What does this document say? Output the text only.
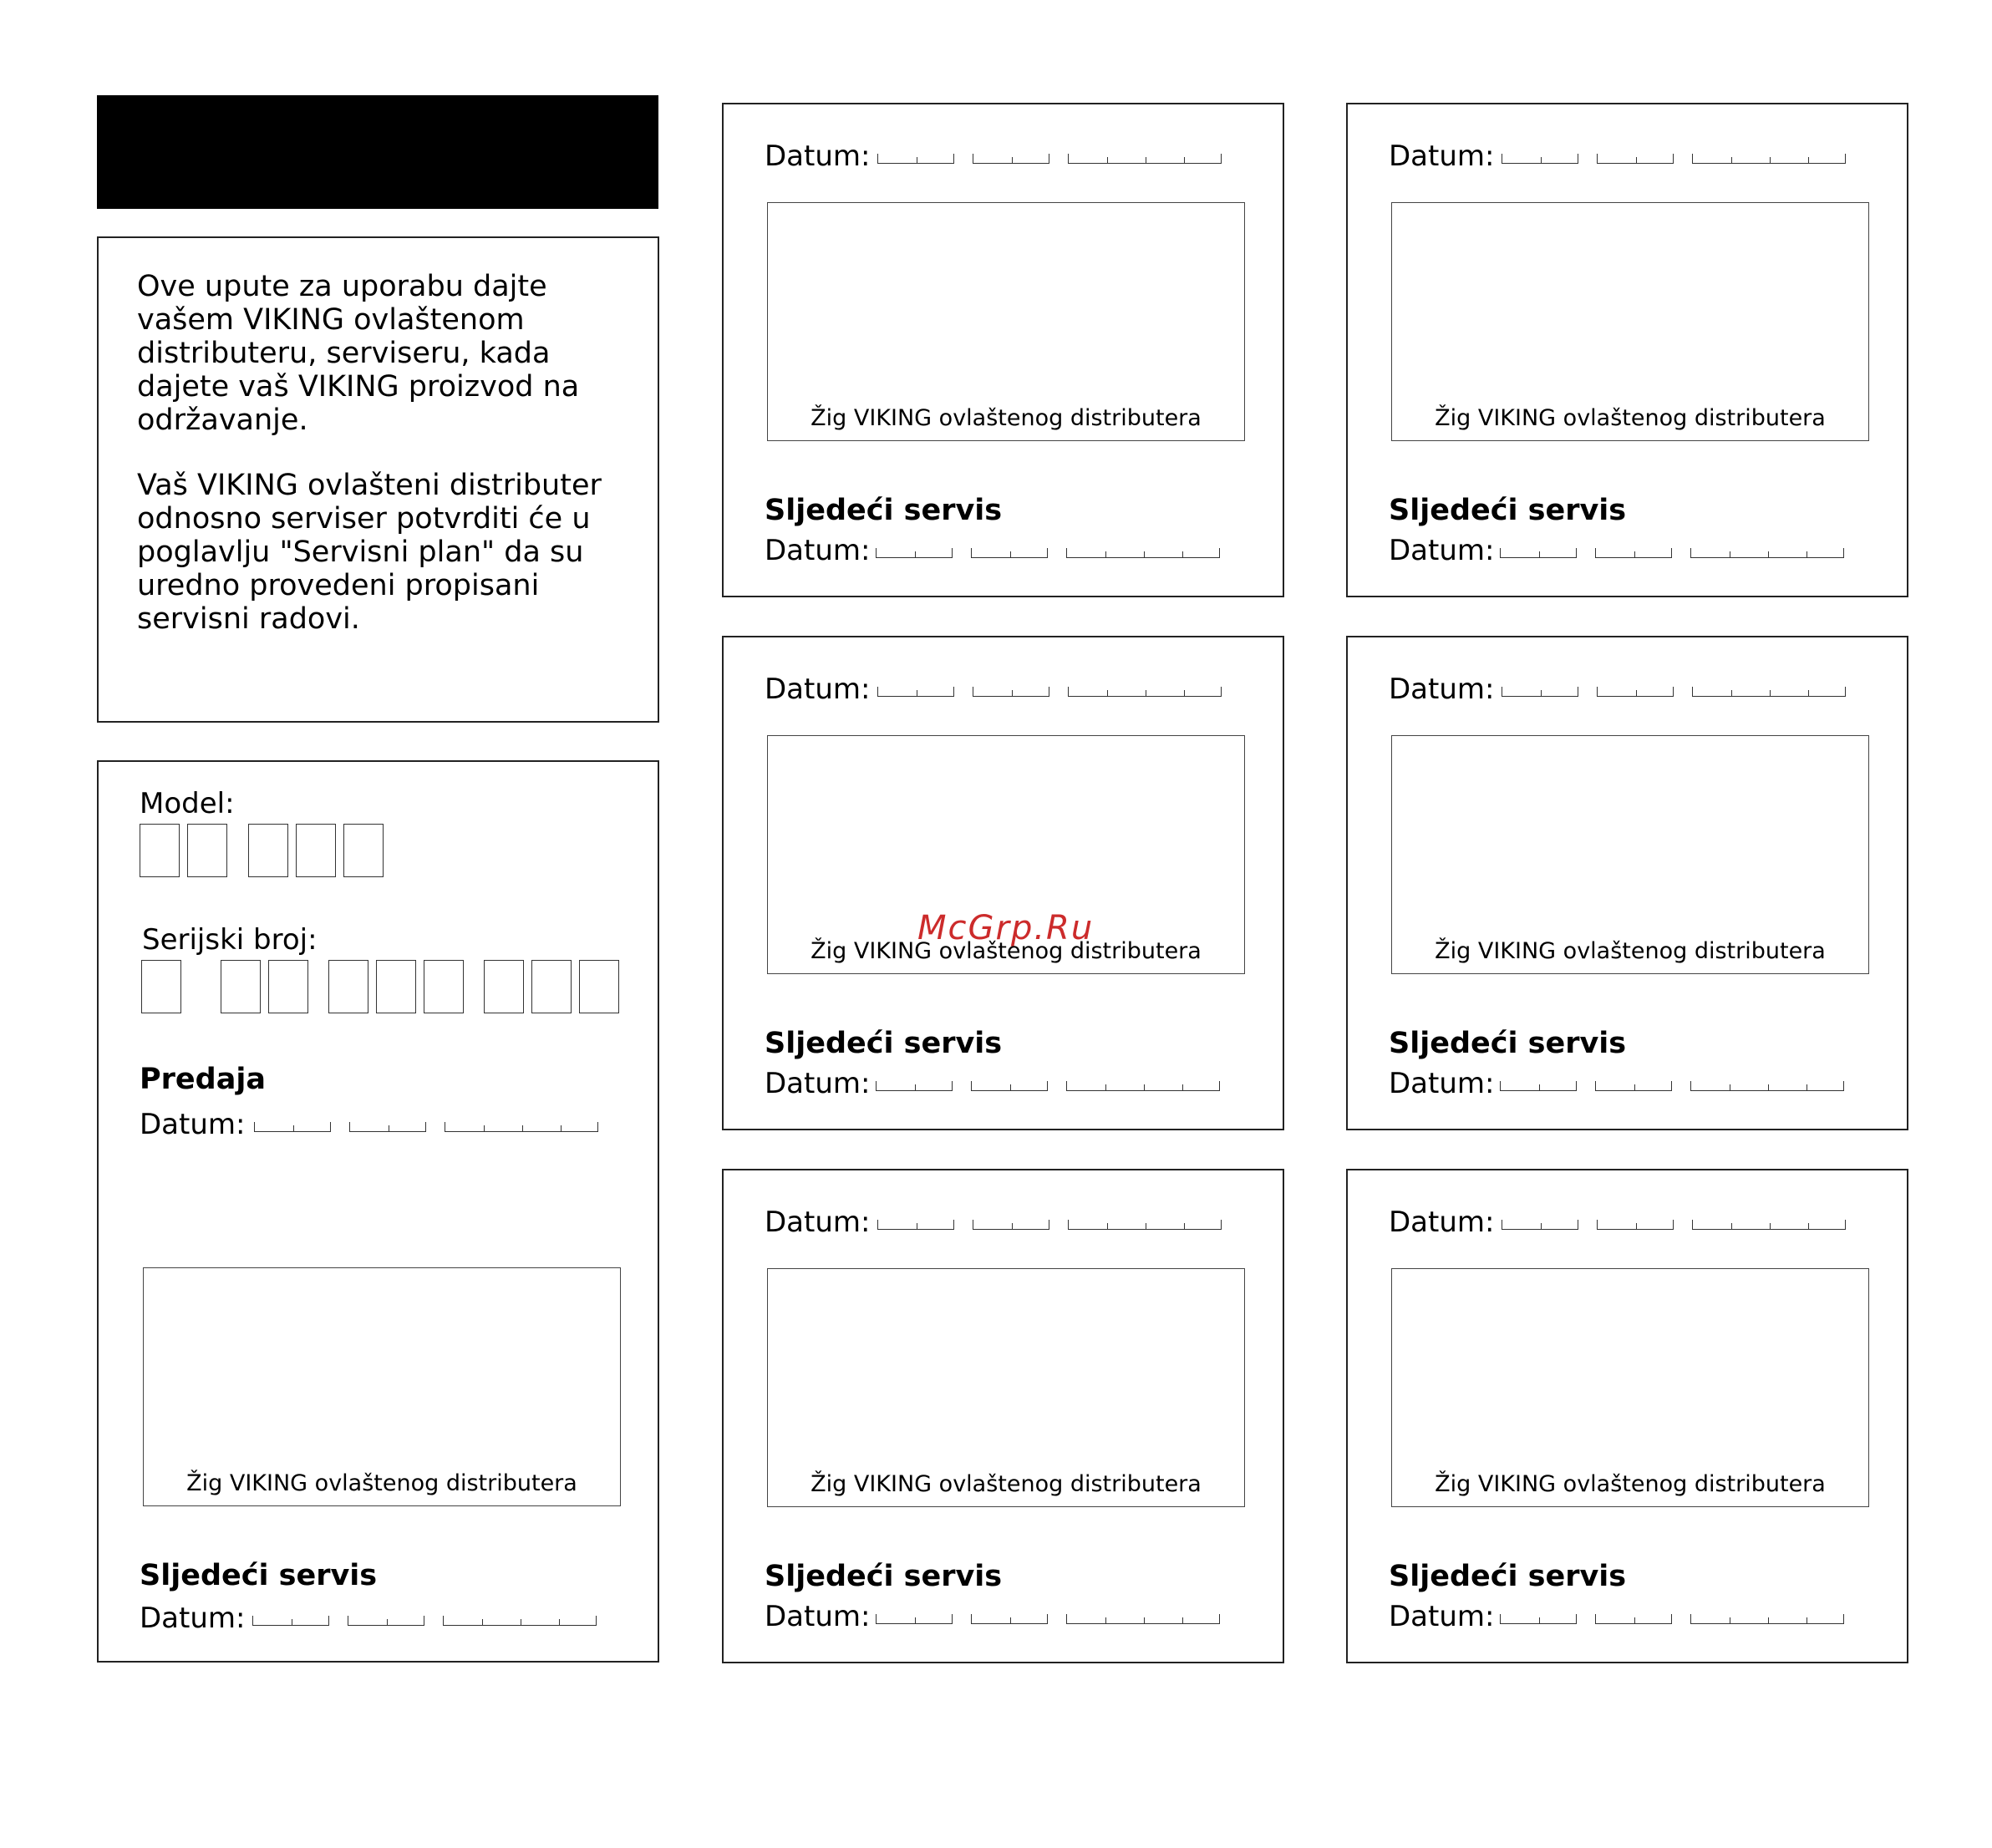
Ove upute za uporabu dajte vašem VIKING ovlaštenom distributeru, serviseru, kada dajete vaš VIKING proizvod na održavanje.

Vaš VIKING ovlašteni distributer odnosno serviser potvrditi će u poglavlju "Servisni plan" da su uredno provedeni propisani servisni radovi.

Model:
Serijski broj:
Predaja
Datum:
Žig VIKING ovlaštenog distributera
Sljedeći servis
Datum:
Datum:
Žig VIKING ovlaštenog distributera
Sljedeći servis
Datum:
Datum:
Žig VIKING ovlaštenog distributera
Sljedeći servis
Datum:
Datum:
Žig VIKING ovlaštenog distributera
Sljedeći servis
Datum:
Datum:
Žig VIKING ovlaštenog distributera
Sljedeći servis
Datum:
Datum:
Žig VIKING ovlaštenog distributera
Sljedeći servis
Datum:
Datum:
Žig VIKING ovlaštenog distributera
Sljedeći servis
Datum:
McGrp.Ru
